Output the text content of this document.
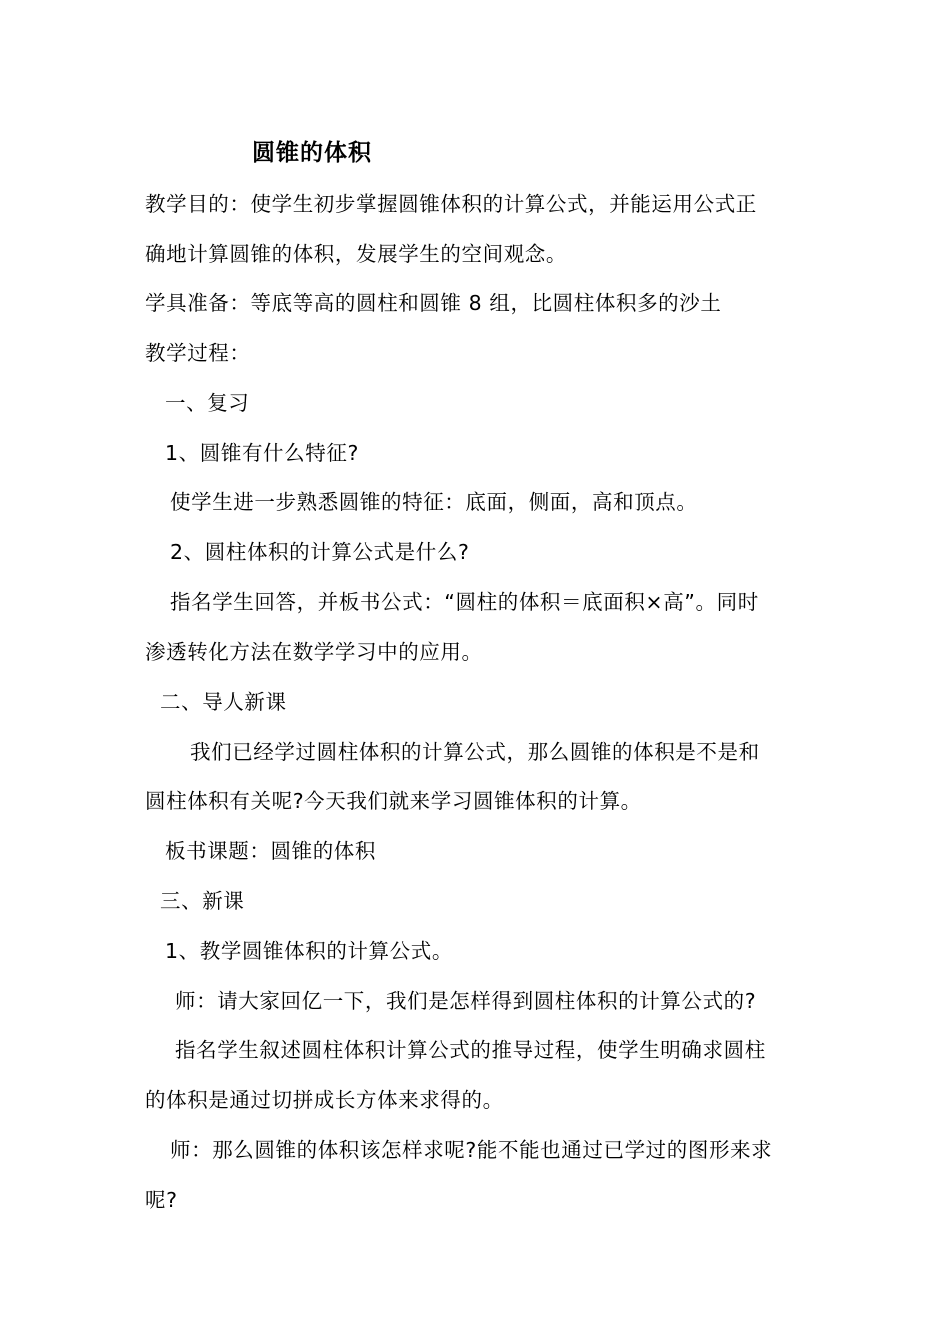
圆锥的体积
教学目的：使学生初步掌握圆锥体积的计算公式，并能运用公式正
确地计算圆锥的体积，发展学生的空间观念。
学具准备：等底等高的圆柱和圆锥 8 组，比圆柱体积多的沙土
教学过程：
一、复习
1、圆锥有什么特征?
使学生进一步熟悉圆锥的特征：底面，侧面，高和顶点。
2、圆柱体积的计算公式是什么?
指名学生回答，并板书公式：“圆柱的体积＝底面积×高”。同时
渗透转化方法在数学学习中的应用。
二、导人新课
我们已经学过圆柱体积的计算公式，那么圆锥的体积是不是和
圆柱体积有关呢?今天我们就来学习圆锥体积的计算。
板书课题：圆锥的体积
三、新课
1、教学圆锥体积的计算公式。
师：请大家回亿一下，我们是怎样得到圆柱体积的计算公式的?
指名学生叙述圆柱体积计算公式的推导过程，使学生明确求圆柱
的体积是通过切拼成长方体来求得的。
师：那么圆锥的体积该怎样求呢?能不能也通过已学过的图形来求
呢?
